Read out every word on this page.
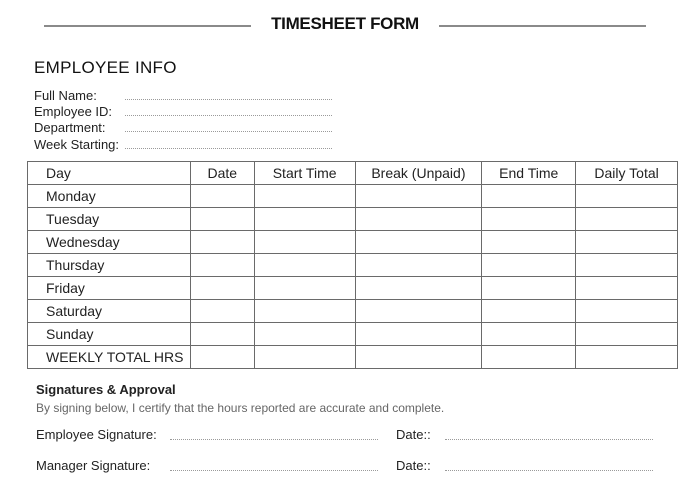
TIMESHEET FORM
EMPLOYEE INFO
Full Name:
Employee ID:
Department:
Week Starting:
Day	Date	Start Time	Break (Unpaid)	End Time	Daily Total
Monday					
Tuesday					
Wednesday					
Thursday					
Friday					
Saturday					
Sunday					
WEEKLY TOTAL HRS					
Signatures & Approval
By signing below, I certify that the hours reported are accurate and complete.
Employee Signature:	Date::
Manager Signature:	Date::
